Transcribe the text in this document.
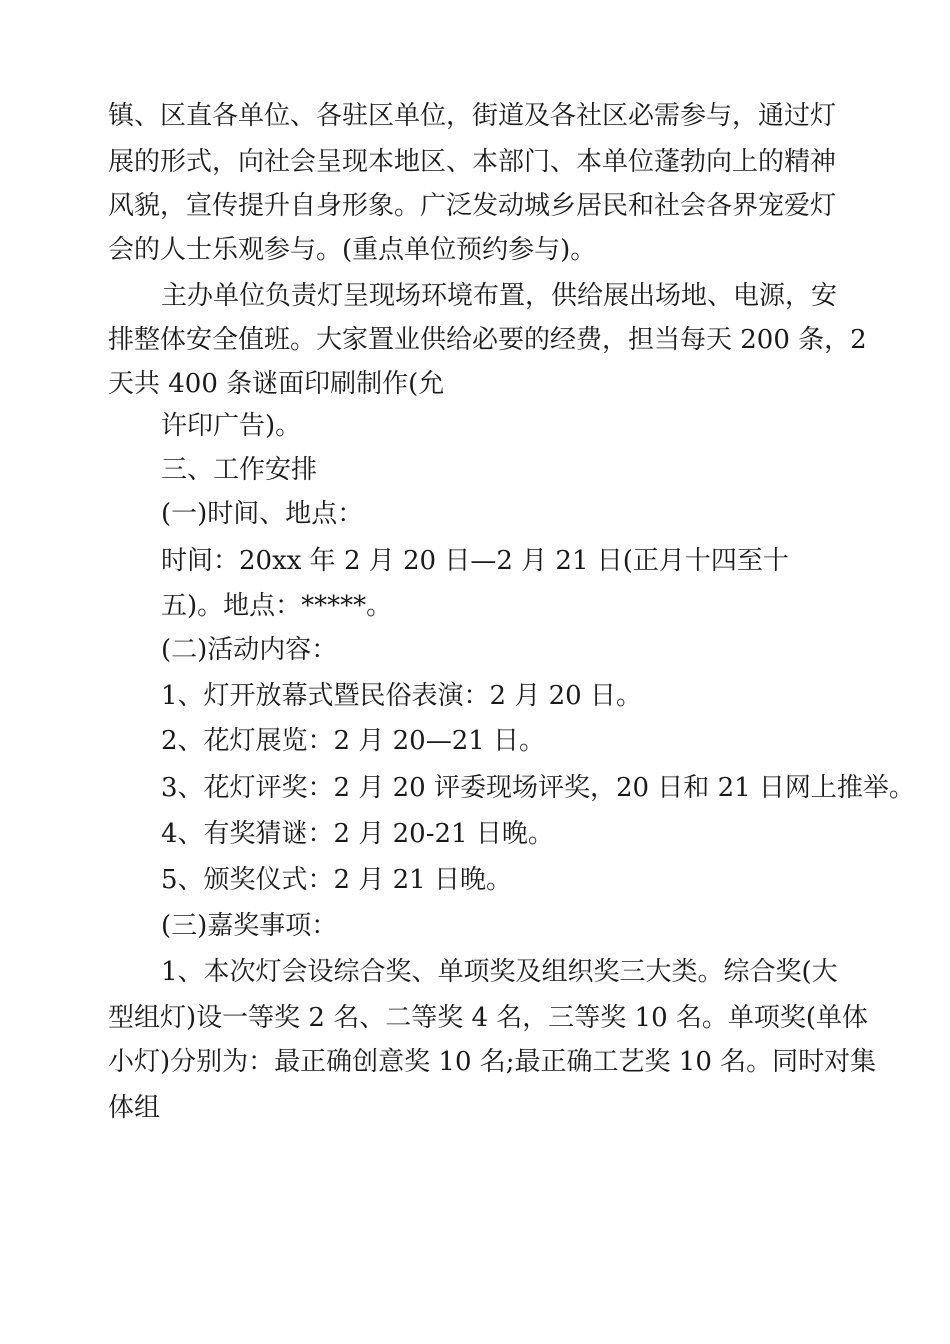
镇、区直各单位、各驻区单位，街道及各社区必需参与，通过灯
展的形式，向社会呈现本地区、本部门、本单位蓬勃向上的精神
风貌，宣传提升自身形象。广泛发动城乡居民和社会各界宠爱灯
会的人士乐观参与。(重点单位预约参与)。
主办单位负责灯呈现场环境布置，供给展出场地、电源，安
排整体安全值班。大家置业供给必要的经费，担当每天 200 条，2
天共 400 条谜面印刷制作(允
许印广告)。
三、工作安排
(一)时间、地点：
时间：20xx 年 2 月 20 日—2 月 21 日(正月十四至十
五)。地点：*****。
(二)活动内容：
1、灯开放幕式暨民俗表演：2 月 20 日。
2、花灯展览：2 月 20—21 日。
3、花灯评奖：2 月 20 评委现场评奖，20 日和 21 日网上推举。
4、有奖猜谜：2 月 20-21 日晚。
5、颁奖仪式：2 月 21 日晚。
(三)嘉奖事项：
1、本次灯会设综合奖、单项奖及组织奖三大类。综合奖(大
型组灯)设一等奖 2 名、二等奖 4 名，三等奖 10 名。单项奖(单体
小灯)分别为：最正确创意奖 10 名;最正确工艺奖 10 名。同时对集
体组
